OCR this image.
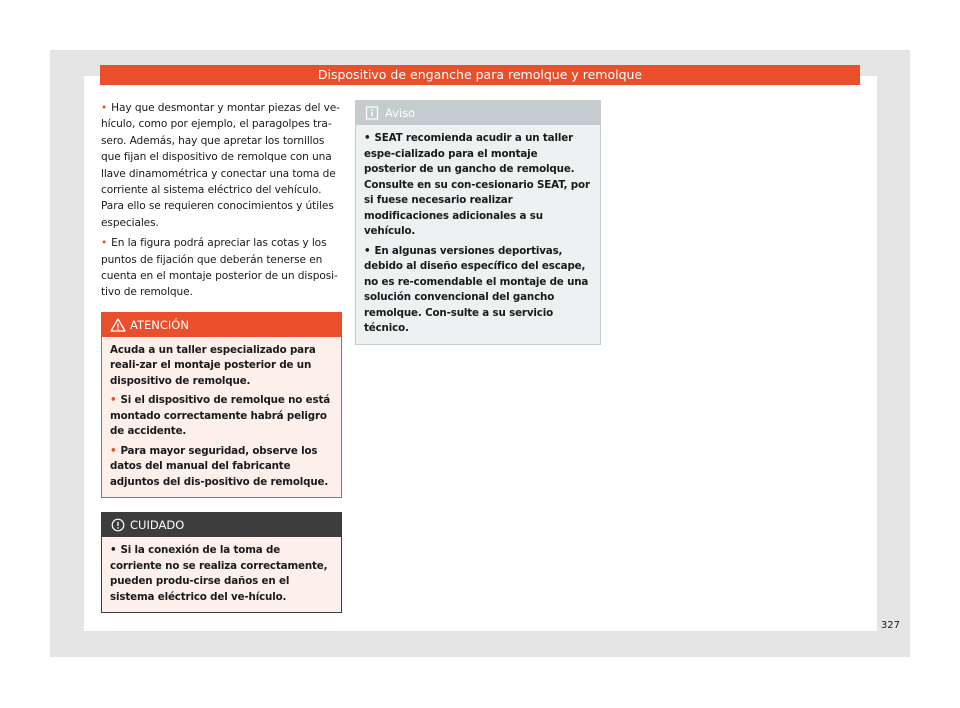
Dispositivo de enganche para remolque y remolque

• Hay que desmontar y montar piezas del ve-hículo, como por ejemplo, el paragolpes tra-sero. Además, hay que apretar los tornillos que fijan el dispositivo de remolque con una llave dinamométrica y conectar una toma de corriente al sistema eléctrico del vehículo. Para ello se requieren conocimientos y útiles especiales.

• En la figura podrá apreciar las cotas y los puntos de fijación que deberán tenerse en cuenta en el montaje posterior de un disposi-tivo de remolque.

ATENCIÓN

Acuda a un taller especializado para reali-zar el montaje posterior de un dispositivo de remolque.

• Si el dispositivo de remolque no está montado correctamente habrá peligro de accidente.

• Para mayor seguridad, observe los datos del manual del fabricante adjuntos del dis-positivo de remolque.

CUIDADO

• Si la conexión de la toma de corriente no se realiza correctamente, pueden produ-cirse daños en el sistema eléctrico del ve-hículo.

Aviso

• SEAT recomienda acudir a un taller espe-cializado para el montaje posterior de un gancho de remolque. Consulte en su con-cesionario SEAT, por si fuese necesario realizar modificaciones adicionales a su vehículo.

• En algunas versiones deportivas, debido al diseño específico del escape, no es re-comendable el montaje de una solución convencional del gancho remolque. Con-sulte a su servicio técnico.

327
